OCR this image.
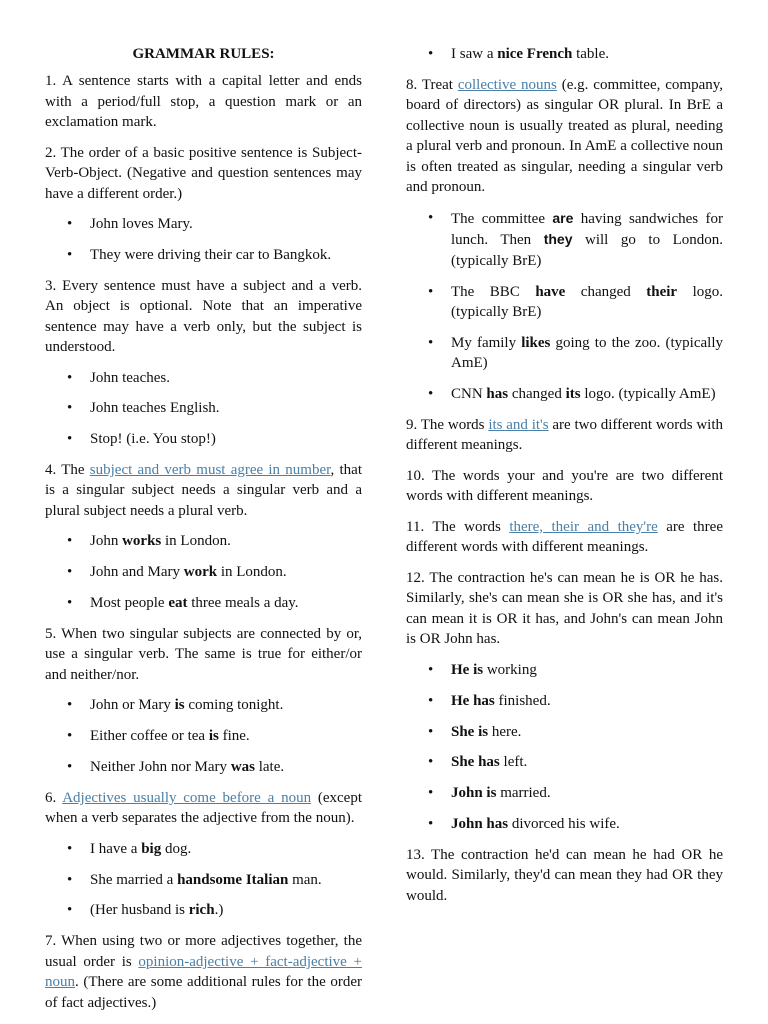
GRAMMAR RULES:

1. A sentence starts with a capital letter and ends with a period/full stop, a question mark or an exclamation mark.

2. The order of a basic positive sentence is Subject-Verb-Object. (Negative and question sentences may have a different order.)

• John loves Mary.
• They were driving their car to Bangkok.

3. Every sentence must have a subject and a verb. An object is optional. Note that an imperative sentence may have a verb only, but the subject is understood.

• John teaches.
• John teaches English.
• Stop! (i.e. You stop!)

4. The subject and verb must agree in number, that is a singular subject needs a singular verb and a plural subject needs a plural verb.

• John works in London.
• John and Mary work in London.
• Most people eat three meals a day.

5. When two singular subjects are connected by or, use a singular verb. The same is true for either/or and neither/nor.

• John or Mary is coming tonight.
• Either coffee or tea is fine.
• Neither John nor Mary was late.

6. Adjectives usually come before a noun (except when a verb separates the adjective from the noun).

• I have a big dog.
• She married a handsome Italian man.
• (Her husband is rich.)

7. When using two or more adjectives together, the usual order is opinion-adjective + fact-adjective + noun. (There are some additional rules for the order of fact adjectives.)

• I saw a nice French table.

8. Treat collective nouns (e.g. committee, company, board of directors) as singular OR plural. In BrE a collective noun is usually treated as plural, needing a plural verb and pronoun. In AmE a collective noun is often treated as singular, needing a singular verb and pronoun.

• The committee are having sandwiches for lunch. Then they will go to London. (typically BrE)
• The BBC have changed their logo. (typically BrE)
• My family likes going to the zoo. (typically AmE)
• CNN has changed its logo. (typically AmE)

9. The words its and it's are two different words with different meanings.

10. The words your and you're are two different words with different meanings.

11. The words there, their and they're are three different words with different meanings.

12. The contraction he's can mean he is OR he has. Similarly, she's can mean she is OR she has, and it's can mean it is OR it has, and John's can mean John is OR John has.

• He is working
• He has finished.
• She is here.
• She has left.
• John is married.
• John has divorced his wife.

13. The contraction he'd can mean he had OR he would. Similarly, they'd can mean they had OR they would.
